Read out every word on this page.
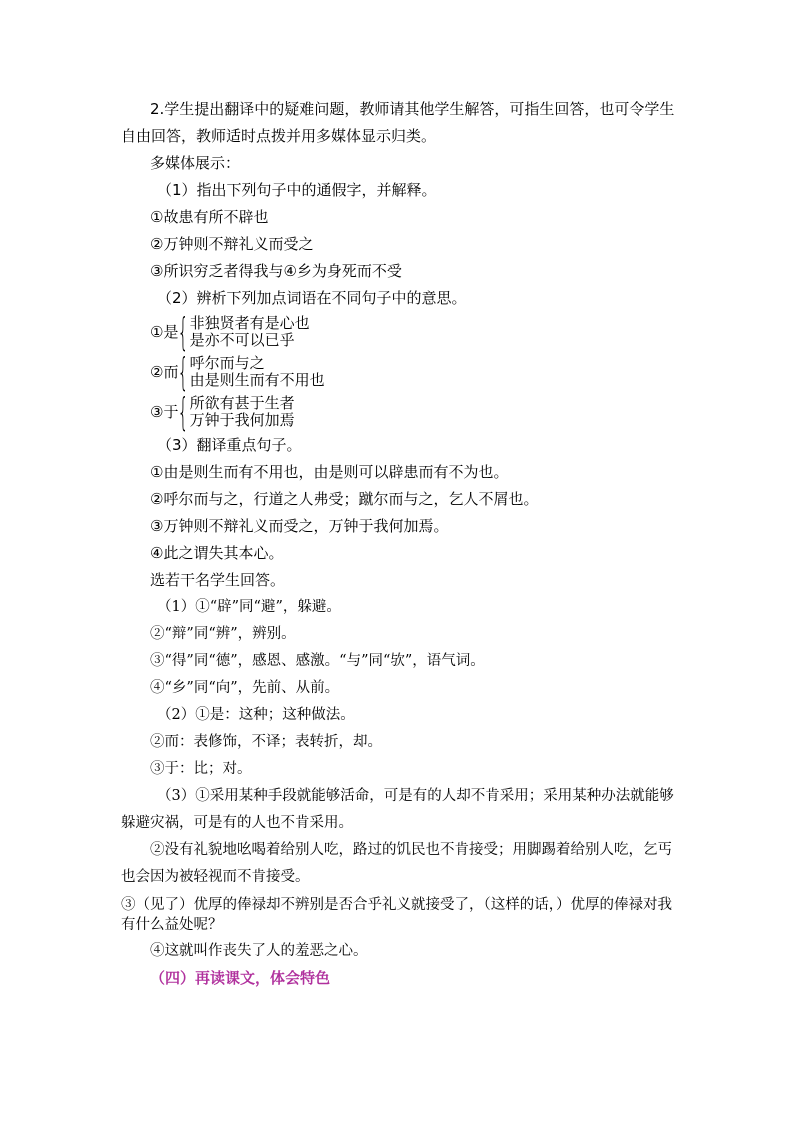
2.学生提出翻译中的疑难问题，教师请其他学生解答，可指生回答，也可令学生自由回答，教师适时点拨并用多媒体显示归类。

多媒体展示：

（1）指出下列句子中的通假字，并解释。

①故患有所不辟也

②万钟则不辩礼义而受之

③所识穷乏者得我与④乡为身死而不受

（2）辨析下列加点词语在不同句子中的意思。

①是 { 非独贤者有是心也
是亦不可以已乎
②而 { 呼尔而与之
由是则生而有不用也
③于 { 所欲有甚于生者
万钟于我何加焉

（3）翻译重点句子。

①由是则生而有不用也，由是则可以辟患而有不为也。

②呼尔而与之，行道之人弗受；蹴尔而与之，乞人不屑也。

③万钟则不辩礼义而受之，万钟于我何加焉。

④此之谓失其本心。

选若干名学生回答。

（1）①“辟”同“避”，躲避。

②“辩”同“辨”，辨别。

③“得”同“德”，感恩、感激。“与”同“欤”，语气词。

④“乡”同“向”，先前、从前。

（2）①是：这种；这种做法。

②而：表修饰，不译；表转折，却。

③于：比；对。

（3）①采用某种手段就能够活命，可是有的人却不肯采用；采用某种办法就能够躲避灾祸，可是有的人也不肯采用。

②没有礼貌地吆喝着给别人吃，路过的饥民也不肯接受；用脚踢着给别人吃，乞丐也会因为被轻视而不肯接受。

③（见了）优厚的俸禄却不辨别是否合乎礼义就接受了，（这样的话，）优厚的俸禄对我有什么益处呢？

④这就叫作丧失了人的羞恶之心。

（四）再读课文，体会特色
